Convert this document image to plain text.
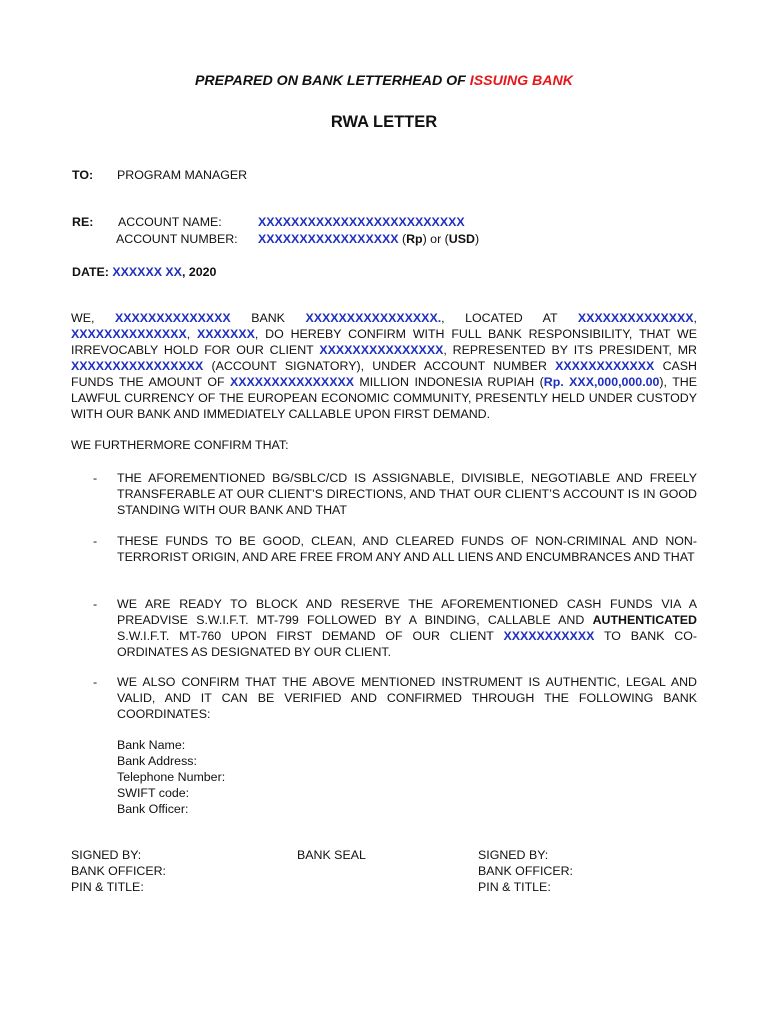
PREPARED ON BANK LETTERHEAD OF ISSUING BANK
RWA LETTER
TO: PROGRAM MANAGER
RE: ACCOUNT NAME:	XXXXXXXXXXXXXXXXXXXXXXXXX
ACCOUNT NUMBER: XXXXXXXXXXXXXXXXX (Rp) or (USD)
DATE: XXXXXX XX, 2020
WE, XXXXXXXXXXXXXX BANK XXXXXXXXXXXXXXXX., LOCATED AT XXXXXXXXXXXXXX, XXXXXXXXXXXXXX, XXXXXXX, DO HEREBY CONFIRM WITH FULL BANK RESPONSIBILITY, THAT WE IRREVOCABLY HOLD FOR OUR CLIENT XXXXXXXXXXXXXXX, REPRESENTED BY ITS PRESIDENT, MR XXXXXXXXXXXXXXXX (ACCOUNT SIGNATORY), UNDER ACCOUNT NUMBER XXXXXXXXXXXX CASH FUNDS THE AMOUNT OF XXXXXXXXXXXXXXX MILLION INDONESIA RUPIAH (Rp. XXX,000,000.00), THE LAWFUL CURRENCY OF THE EUROPEAN ECONOMIC COMMUNITY, PRESENTLY HELD UNDER CUSTODY WITH OUR BANK AND IMMEDIATELY CALLABLE UPON FIRST DEMAND.
WE FURTHERMORE CONFIRM THAT:
- THE AFOREMENTIONED BG/SBLC/CD IS ASSIGNABLE, DIVISIBLE, NEGOTIABLE AND FREELY TRANSFERABLE AT OUR CLIENT’S DIRECTIONS, AND THAT OUR CLIENT’S ACCOUNT IS IN GOOD STANDING WITH OUR BANK AND THAT
- THESE FUNDS TO BE GOOD, CLEAN, AND CLEARED FUNDS OF NON-CRIMINAL AND NON-TERRORIST ORIGIN, AND ARE FREE FROM ANY AND ALL LIENS AND ENCUMBRANCES AND THAT
- WE ARE READY TO BLOCK AND RESERVE THE AFOREMENTIONED CASH FUNDS VIA A PREADVISE S.W.I.F.T. MT-799 FOLLOWED BY A BINDING, CALLABLE AND AUTHENTICATED S.W.I.F.T. MT-760 UPON FIRST DEMAND OF OUR CLIENT XXXXXXXXXXX TO BANK CO-ORDINATES AS DESIGNATED BY OUR CLIENT.
- WE ALSO CONFIRM THAT THE ABOVE MENTIONED INSTRUMENT IS AUTHENTIC, LEGAL AND VALID, AND IT CAN BE VERIFIED AND CONFIRMED THROUGH THE FOLLOWING BANK COORDINATES:
Bank Name:
Bank Address:
Telephone Number:
SWIFT code:
Bank Officer:
SIGNED BY:
BANK OFFICER:
PIN & TITLE:
BANK SEAL	SIGNED BY:
BANK OFFICER:
PIN & TITLE:
